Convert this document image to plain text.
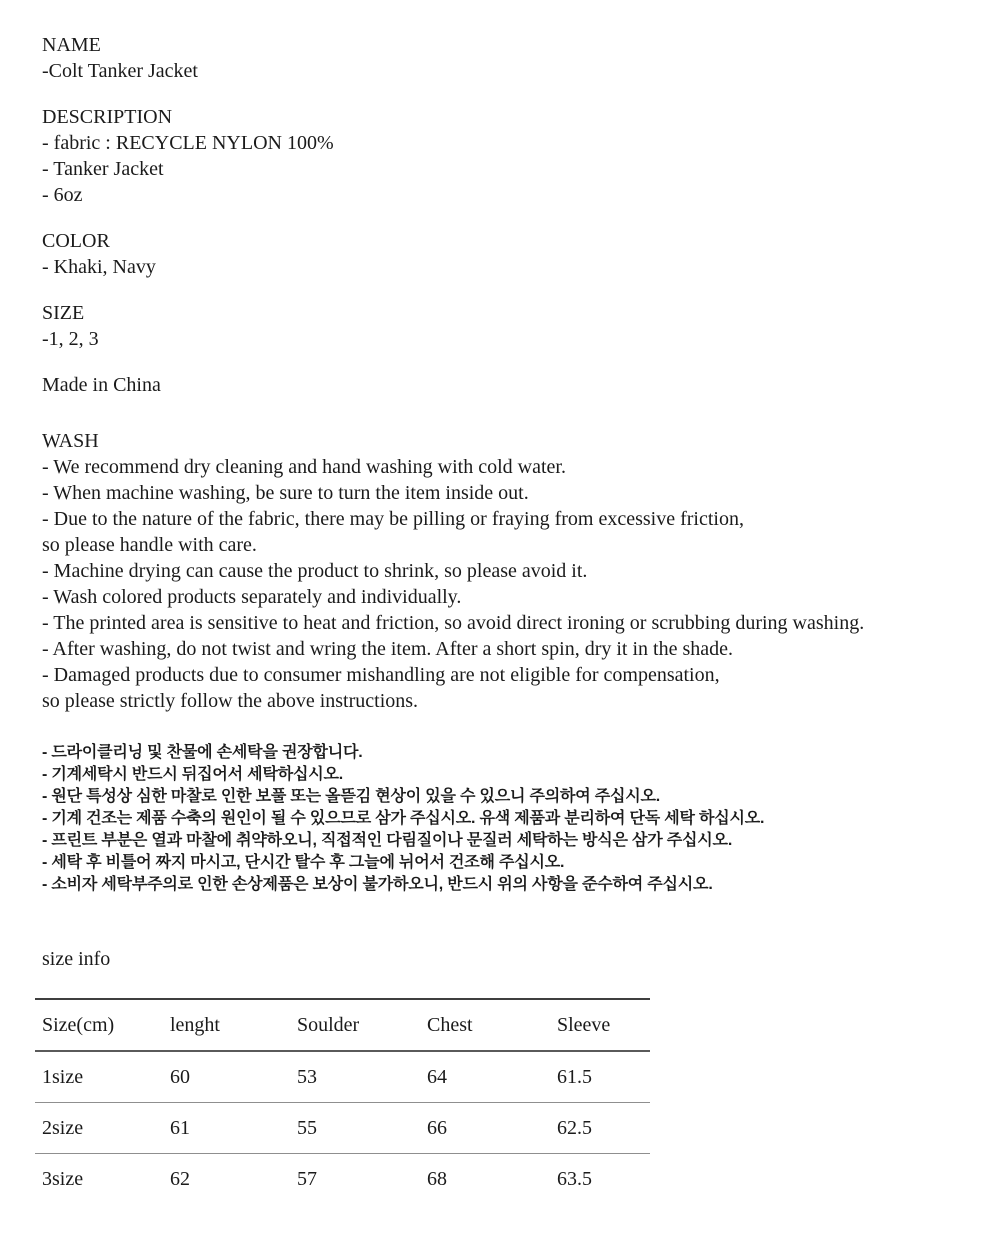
NAME

-Colt Tanker Jacket

DESCRIPTION

- fabric : RECYCLE NYLON 100%

- Tanker Jacket

- 6oz

COLOR

- Khaki, Navy

SIZE

-1, 2, 3

Made in China

WASH

- We recommend dry cleaning and hand washing with cold water.

- When machine washing, be sure to turn the item inside out.

- Due to the nature of the fabric, there may be pilling or fraying from excessive friction,

so please handle with care.

- Machine drying can cause the product to shrink, so please avoid it.

- Wash colored products separately and individually.

- The printed area is sensitive to heat and friction, so avoid direct ironing or scrubbing during washing.

- After washing, do not twist and wring the item. After a short spin, dry it in the shade.

- Damaged products due to consumer mishandling are not eligible for compensation,

so please strictly follow the above instructions.

- 드라이클리닝 및 찬물에 손세탁을 권장합니다.

- 기계세탁시 반드시 뒤집어서 세탁하십시오.

- 원단 특성상 심한 마찰로 인한 보풀 또는 올뜯김 현상이 있을 수 있으니 주의하여 주십시오.

- 기계 건조는 제품 수축의 원인이 될 수 있으므로 삼가 주십시오. 유색 제품과 분리하여 단독 세탁 하십시오.

- 프린트 부분은 열과 마찰에 취약하오니, 직접적인 다림질이나 문질러 세탁하는 방식은 삼가 주십시오.

- 세탁 후 비틀어 짜지 마시고, 단시간 탈수 후 그늘에 뉘어서 건조해 주십시오.

- 소비자 세탁부주의로 인한 손상제품은 보상이 불가하오니, 반드시 위의 사항을 준수하여 주십시오.

size info

Size(cm)	lenght	Soulder	Chest	Sleeve
1size	60	53	64	61.5
2size	61	55	66	62.5
3size	62	57	68	63.5
